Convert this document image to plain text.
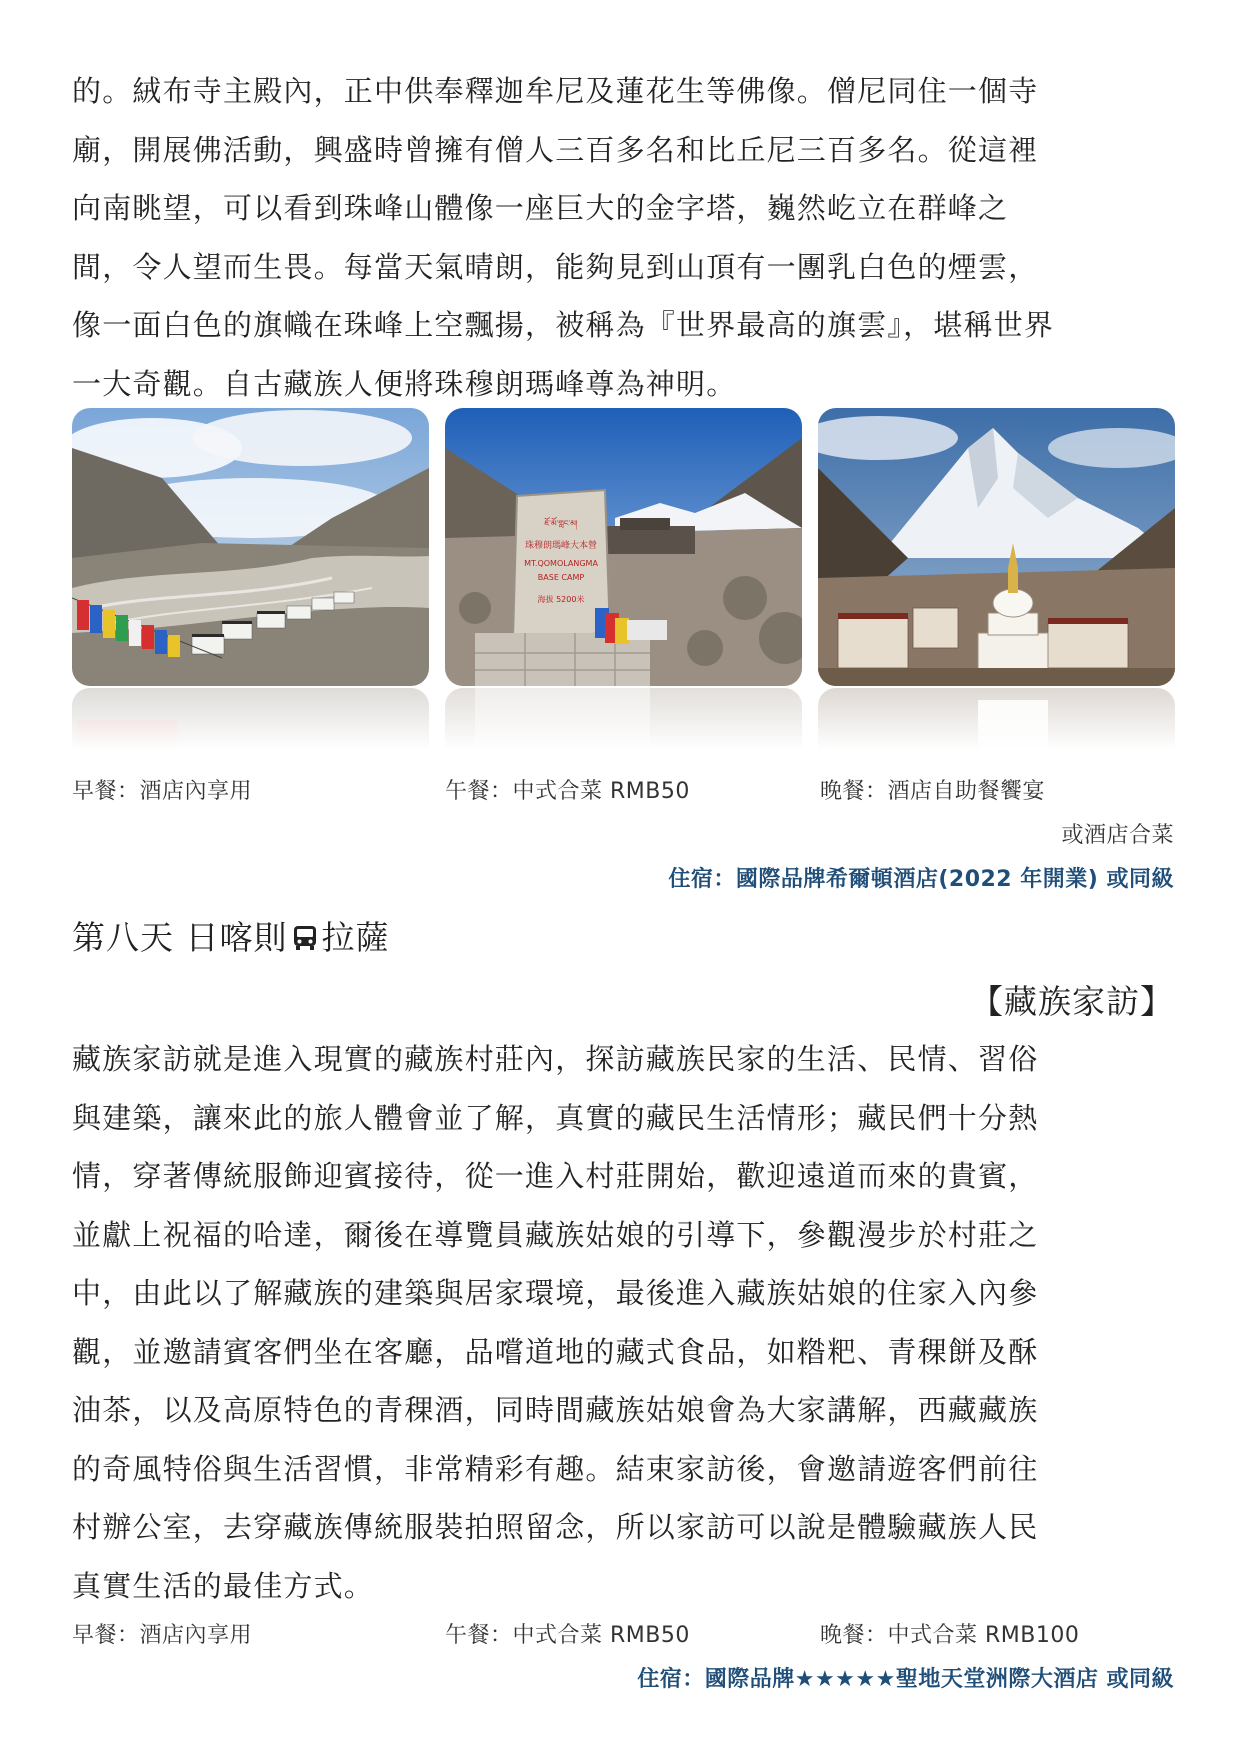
的。絨布寺主殿內，正中供奉釋迦牟尼及蓮花生等佛像。僧尼同住一個寺
廟，開展佛活動，興盛時曾擁有僧人三百多名和比丘尼三百多名。從這裡
向南眺望，可以看到珠峰山體像一座巨大的金字塔，巍然屹立在群峰之
間，令人望而生畏。每當天氣晴朗，能夠見到山頂有一團乳白色的煙雲，
像一面白色的旗幟在珠峰上空飄揚，被稱為『世界最高的旗雲』，堪稱世界
一大奇觀。自古藏族人便將珠穆朗瑪峰尊為神明。

ཇོ་མོ་གླང་མ།
珠穆朗瑪峰大本營
MT.QOMOLANGMA
BASE CAMP
海拔 5200米
早餐：酒店內享用	午餐：中式合菜 RMB50	晚餐：酒店自助餐饗宴
或酒店合菜
住宿：國際品牌希爾頓酒店(2022 年開業) 或同級
第八天 日喀則 拉薩
【藏族家訪】

藏族家訪就是進入現實的藏族村莊內，探訪藏族民家的生活、民情、習俗
與建築，讓來此的旅人體會並了解，真實的藏民生活情形；藏民們十分熱
情，穿著傳統服飾迎賓接待，從一進入村莊開始，歡迎遠道而來的貴賓，
並獻上祝福的哈達，爾後在導覽員藏族姑娘的引導下，參觀漫步於村莊之
中，由此以了解藏族的建築與居家環境，最後進入藏族姑娘的住家入內參
觀，並邀請賓客們坐在客廳，品嚐道地的藏式食品，如糌粑、青稞餅及酥
油茶，以及高原特色的青稞酒，同時間藏族姑娘會為大家講解，西藏藏族
的奇風特俗與生活習慣，非常精彩有趣。結束家訪後，會邀請遊客們前往
村辦公室，去穿藏族傳統服裝拍照留念，所以家訪可以說是體驗藏族人民
真實生活的最佳方式。

早餐：酒店內享用	午餐：中式合菜 RMB50	晚餐：中式合菜 RMB100
住宿：國際品牌★★★★★聖地天堂洲際大酒店 或同級
